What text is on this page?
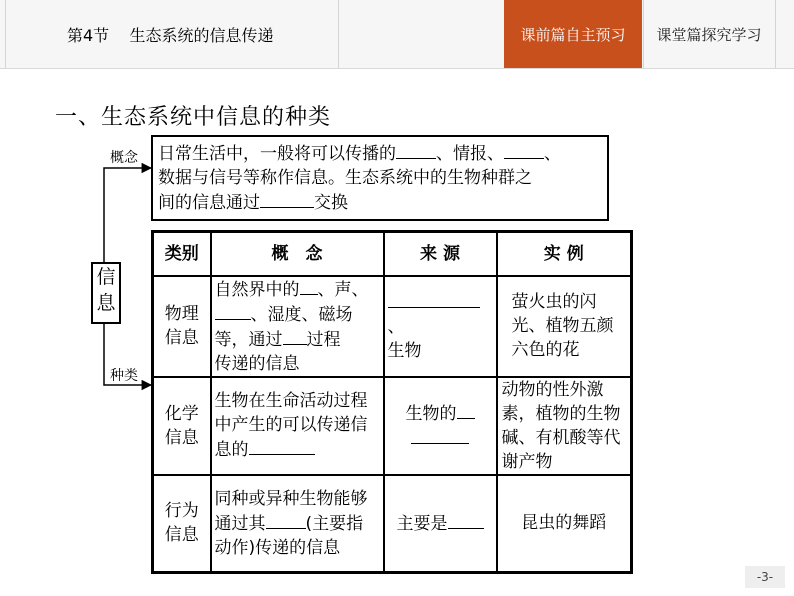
第4节    生态系统的信息传递	课前篇自主预习	课堂篇探究学习
一、生态系统中信息的种类
概念
种类
信息
日常生活中，一般将可以传播的 、情报、 、
数据与信号等称作信息。生态系统中的生物种群之
间的信息通过	交换
类别	概　念	来 源	实 例
物理信息	自然界中的 、声、
、湿度、磁场
等，通过 过程
传递的信息	、
生物	萤火虫的闪光、植物五颜六色的花
化学信息	生物在生命活动过程中产生的可以传递信息的	生物的	动物的性外激素，植物的生物碱、有机酸等代谢产物
行为信息	同种或异种生物能够通过其 (主要指动作)传递的信息	主要是	昆虫的舞蹈
-3-
